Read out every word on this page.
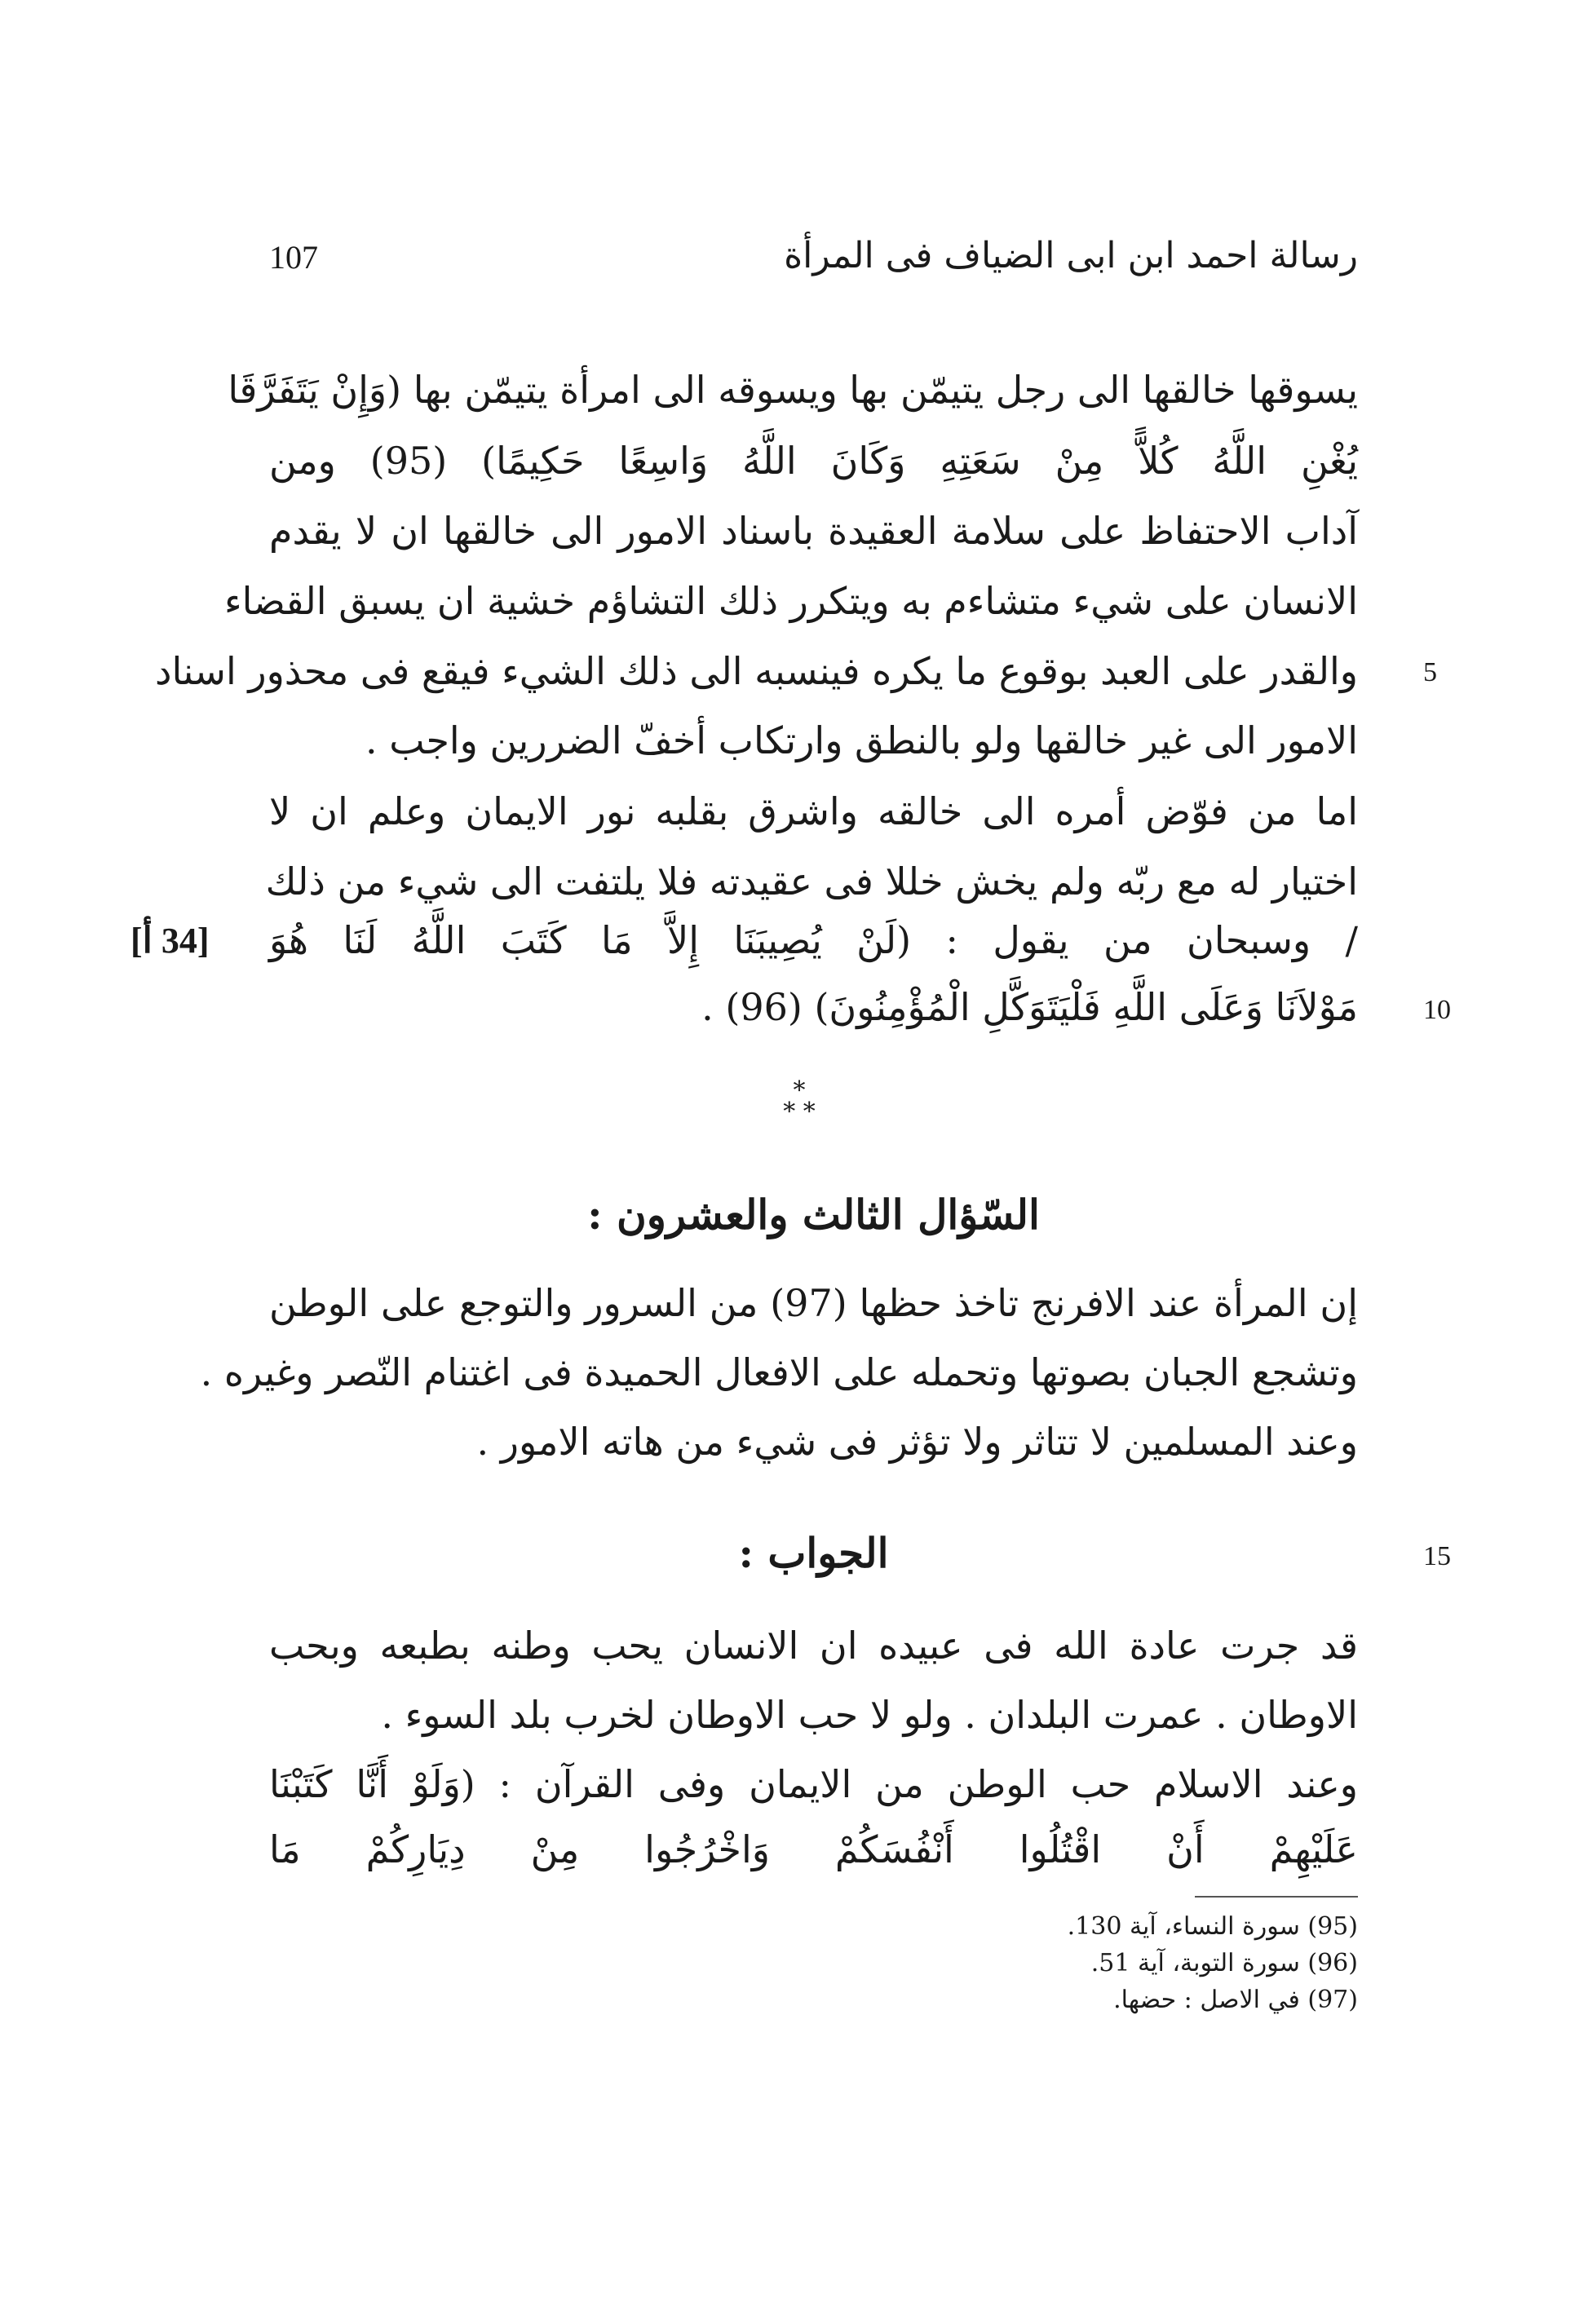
107	رسالة احمد ابن ابى الضياف فى المرأة
يسوقها خالقها الى رجل يتيمّن بها ويسوقه الى امرأة يتيمّن بها (وَإِنْ يَتَفَرَّقَا
يُغْنِ اللَّهُ كُلاًّ مِنْ سَعَتِهِ وَكَانَ اللَّهُ وَاسِعًا حَكِيمًا) (95) ومن
آداب الاحتفاظ على سلامة العقيدة باسناد الامور الى خالقها ان لا يقدم
الانسان على شيء متشاءم به ويتكرر ذلك التشاؤم خشية ان يسبق القضاء
والقدر على العبد بوقوع ما يكره فينسبه الى ذلك الشيء فيقع فى محذور اسناد
الامور الى غير خالقها ولو بالنطق وارتكاب أخفّ الضررين واجب .
اما من فوّض أمره الى خالقه واشرق بقلبه نور الايمان وعلم ان لا
اختيار له مع ربّه ولم يخش خللا فى عقيدته فلا يلتفت الى شيء من ذلك
/ وسبحان من يقول : (لَنْ يُصِيبَنَا إِلاَّ مَا كَتَبَ اللَّهُ لَنَا هُوَ
مَوْلاَنَا وَعَلَى اللَّهِ فَلْيَتَوَكَّلِ الْمُؤْمِنُونَ) (96) .
[34 أ]
5
10
15
*
* *
السّؤال الثالث والعشرون :
إن المرأة عند الافرنج تاخذ حظها (97) من السرور والتوجع على الوطن
وتشجع الجبان بصوتها وتحمله على الافعال الحميدة فى اغتنام النّصر وغيره .
وعند المسلمين لا تتاثر ولا تؤثر فى شيء من هاته الامور .
الجواب :
قد جرت عادة الله فى عبيده ان الانسان يحب وطنه بطبعه وبحب
الاوطان . عمرت البلدان . ولو لا حب الاوطان لخرب بلد السوء .
وعند الاسلام حب الوطن من الايمان وفى القرآن : (وَلَوْ أَنَّا كَتَبْنَا
عَلَيْهِمْ أَنْ اقْتُلُوا أَنْفُسَكُمْ وَاخْرُجُوا مِنْ دِيَارِكُمْ مَا
(95) سورة النساء، آية 130.
(96) سورة التوبة، آية 51.
(97) في الاصل : حضها.
